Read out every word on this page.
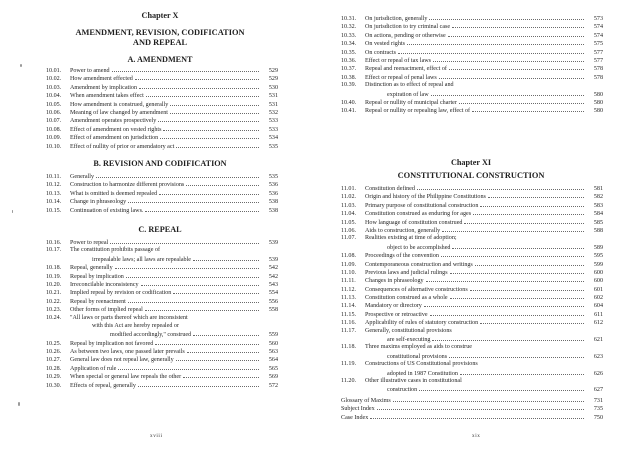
Chapter X
AMENDMENT, REVISION, CODIFICATION
AND REPEAL
A. AMENDMENT
10.01.	Power to amend	529
10.02.	How amendment effected	529
10.03.	Amendment by implication	530
10.04.	When amendment takes effect	531
10.05.	How amendment is construed, generally	531
10.06.	Meaning of law changed by amendment	532
10.07.	Amendment operates prospectively	533
10.08.	Effect of amendment on vested rights	533
10.09.	Effect of amendment on jurisdiction	534
10.10.	Effect of nullity of prior or amendatory act	535
B. REVISION AND CODIFICATION
10.11.	Generally	535
10.12.	Construction to harmonize different provisions	536
10.13.	What is omitted is deemed repealed	536
10.14.	Change in phraseology	538
10.15.	Continuation of existing laws.	538
C. REPEAL
10.16.	Power to repeal	539
10.17.	The constitution prohibits passage of
irrepealable laws; all laws are repealable	539
10.18.	Repeal, generally	542
10.19.	Repeal by implication	542
10.20.	Irreconcilable inconsistency	543
10.21.	Implied repeal by revision or codification	554
10.22.	Repeal by reenactment	556
10.23.	Other forms of implied repeal	558
10.24.	"All laws or parts thereof which are inconsistent
with this Act are hereby repealed or
modified accordingly," construed	559
10.25.	Repeal by implication not favored	560
10.26.	As between two laws, one passed later prevails	563
10.27.	General law does not repeal law, generally	564
10.28.	Application of rule	565
10.29.	When special or general law repeals the other	569
10.30.	Effects of repeal, generally	572
xviii
10.31.	On jurisdiction, generally	573
10.32.	On jurisdiction to try criminal case	574
10.33.	On actions, pending or otherwise	574
10.34.	On vested rights	575
10.35.	On contracts	577
10.36.	Effect or repeal of tax laws	577
10.37.	Repeal and reenactment, effect of	578
10.38.	Effect or repeal of penal laws	578
10.39.	Distinction as to effect of repeal and
expiration of law	580
10.40.	Repeal or nullity of municipal charter	580
10.41.	Repeal or nullity or repealing law, effect of	580
Chapter XI
CONSTITUTIONAL CONSTRUCTION
11.01.	Constitution defined	581
11.02.	Origin and history of the Philippine Constitutions	582
11.03.	Primary purpose of constitutional construction	583
11.04.	Constitution construed as enduring for ages	584
11.05.	How language of constitution construed	585
11.06.	Aids to construction, generally	588
11.07.	Realities existing at time of adoption;
object to be accomplished	589
11.08.	Proceedings of the convention	595
11.09.	Contemporaneous construction and writings	599
11.10.	Previous laws and judicial rulings	600
11.11.	Changes in phraseology	600
11.12.	Consequences of alternative constructions	601
11.13.	Constitution construed as a whole	602
11.14.	Mandatory or directory	604
11.15.	Prospective or retroactive	611
11.16.	Applicability of rules of statutory construction	612
11.17.	Generally, constitutional provisions
are self-executing	621
11.18.	Three maxims employed as aids to construe
constitutional provisions	623
11.19.	Constructions of US Constitutional provisions
adopted in 1987 Constitution	626
11.20.	Other illustrative cases in constitutional
construction	627
Glossary of Maxims	731
Subject Index	735
Case Index	750
xix
